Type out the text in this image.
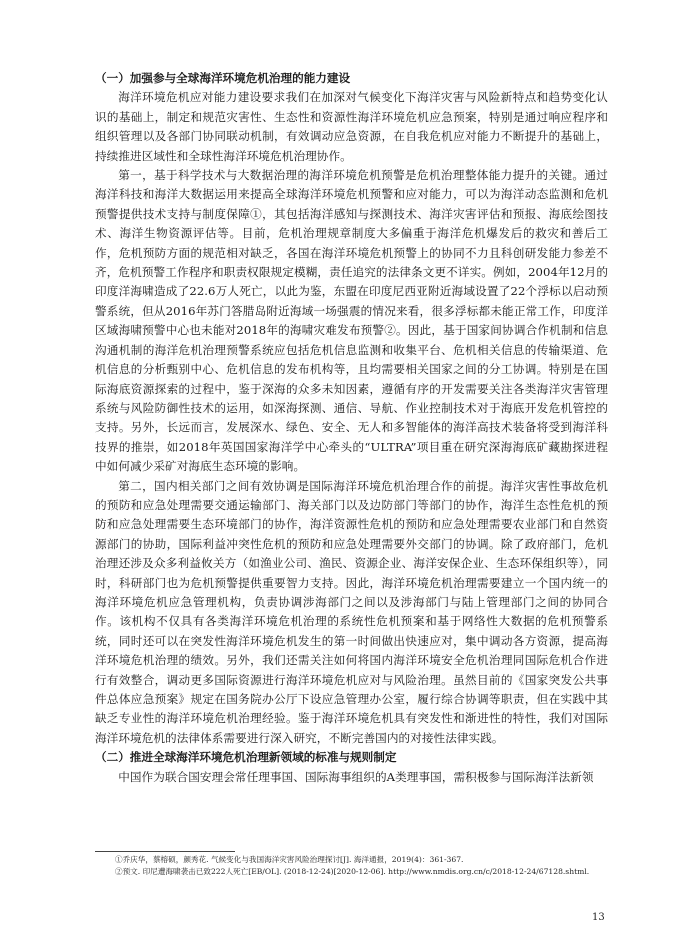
（一）加强参与全球海洋环境危机治理的能力建设

海洋环境危机应对能力建设要求我们在加深对气候变化下海洋灾害与风险新特点和趋势变化认识的基础上，制定和规范灾害性、生态性和资源性海洋环境危机应急预案，特别是通过响应程序和组织管理以及各部门协同联动机制，有效调动应急资源，在自我危机应对能力不断提升的基础上，持续推进区域性和全球性海洋环境危机治理协作。

第一，基于科学技术与大数据治理的海洋环境危机预警是危机治理整体能力提升的关键。通过海洋科技和海洋大数据运用来提高全球海洋环境危机预警和应对能力，可以为海洋动态监测和危机预警提供技术支持与制度保障①，其包括海洋感知与探测技术、海洋灾害评估和预报、海底绘图技术、海洋生物资源评估等。目前，危机治理规章制度大多偏重于海洋危机爆发后的救灾和善后工作，危机预防方面的规范相对缺乏，各国在海洋环境危机预警上的协同不力且科创研发能力参差不齐，危机预警工作程序和职责权限规定模糊，责任追究的法律条文更不详实。例如，2004年12月的印度洋海啸造成了22.6万人死亡，以此为鉴，东盟在印度尼西亚附近海域设置了22个浮标以启动预警系统，但从2016年苏门答腊岛附近海域一场强震的情况来看，很多浮标都未能正常工作，印度洋区域海啸预警中心也未能对2018年的海啸灾难发布预警②。因此，基于国家间协调合作机制和信息沟通机制的海洋危机治理预警系统应包括危机信息监测和收集平台、危机相关信息的传输渠道、危机信息的分析甄别中心、危机信息的发布机构等，且均需要相关国家之间的分工协调。特别是在国际海底资源探索的过程中，鉴于深海的众多未知因素，遵循有序的开发需要关注各类海洋灾害管理系统与风险防御性技术的运用，如深海探测、通信、导航、作业控制技术对于海底开发危机管控的支持。另外，长远而言，发展深水、绿色、安全、无人和多智能体的海洋高技术装备将受到海洋科技界的推崇，如2018年英国国家海洋学中心牵头的“ULTRA”项目重在研究深海海底矿藏勘探进程中如何减少采矿对海底生态环境的影响。

第二，国内相关部门之间有效协调是国际海洋环境危机治理合作的前提。海洋灾害性事故危机的预防和应急处理需要交通运输部门、海关部门以及边防部门等部门的协作，海洋生态性危机的预防和应急处理需要生态环境部门的协作，海洋资源性危机的预防和应急处理需要农业部门和自然资源部门的协助，国际利益冲突性危机的预防和应急处理需要外交部门的协调。除了政府部门，危机治理还涉及众多利益攸关方（如渔业公司、渔民、资源企业、海洋安保企业、生态环保组织等），同时，科研部门也为危机预警提供重要智力支持。因此，海洋环境危机治理需要建立一个国内统一的海洋环境危机应急管理机构，负责协调涉海部门之间以及涉海部门与陆上管理部门之间的协同合作。该机构不仅具有各类海洋环境危机治理的系统性危机预案和基于网络性大数据的危机预警系统，同时还可以在突发性海洋环境危机发生的第一时间做出快速应对，集中调动各方资源，提高海洋环境危机治理的绩效。另外，我们还需关注如何将国内海洋环境安全危机治理同国际危机合作进行有效整合，调动更多国际资源进行海洋环境危机应对与风险治理。虽然目前的《国家突发公共事件总体应急预案》规定在国务院办公厅下设应急管理办公室，履行综合协调等职责，但在实践中其缺乏专业性的海洋环境危机治理经验。鉴于海洋环境危机具有突发性和渐进性的特性，我们对国际海洋环境危机的法律体系需要进行深入研究，不断完善国内的对接性法律实践。

（二）推进全球海洋环境危机治理新领域的标准与规则制定

中国作为联合国安理会常任理事国、国际海事组织的A类理事国，需积极参与国际海洋法新领

①乔庆华，蔡榕硕，颜秀花. 气候变化与我国海洋灾害风险治理探讨[J]. 海洋通报，2019(4)：361-367.
②预文. 印尼遭海啸袭击已致222人死亡[EB/OL]. (2018-12-24)[2020-12-06]. http://www.nmdis.org.cn/c/2018-12-24/67128.shtml.
13
